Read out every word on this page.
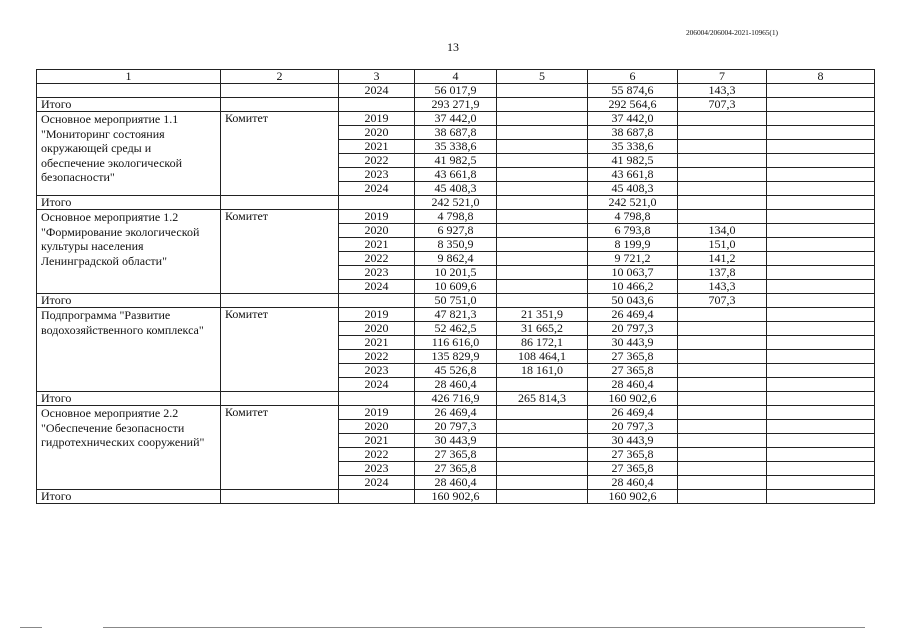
206004/206004-2021-10965(1)
13
1	2	3	4	5	6	7	8
		2024	56 017,9		55 874,6	143,3	
Итого			293 271,9		292 564,6	707,3	
Основное мероприятие 1.1 "Мониторинг состояния окружающей среды и обеспечение экологической безопасности"	Комитет	2019	37 442,0		37 442,0		
		2020	38 687,8		38 687,8		
		2021	35 338,6		35 338,6		
		2022	41 982,5		41 982,5		
		2023	43 661,8		43 661,8		
		2024	45 408,3		45 408,3		
Итого			242 521,0		242 521,0		
Основное мероприятие 1.2 "Формирование экологической культуры населения Ленинградской области"	Комитет	2019	4 798,8		4 798,8		
		2020	6 927,8		6 793,8	134,0	
		2021	8 350,9		8 199,9	151,0	
		2022	9 862,4		9 721,2	141,2	
		2023	10 201,5		10 063,7	137,8	
		2024	10 609,6		10 466,2	143,3	
Итого			50 751,0		50 043,6	707,3	
Подпрограмма "Развитие водохозяйственного комплекса"	Комитет	2019	47 821,3	21 351,9	26 469,4		
		2020	52 462,5	31 665,2	20 797,3		
		2021	116 616,0	86 172,1	30 443,9		
		2022	135 829,9	108 464,1	27 365,8		
		2023	45 526,8	18 161,0	27 365,8		
		2024	28 460,4		28 460,4		
Итого			426 716,9	265 814,3	160 902,6		
Основное мероприятие 2.2 "Обеспечение безопасности гидротехнических сооружений"	Комитет	2019	26 469,4		26 469,4		
		2020	20 797,3		20 797,3		
		2021	30 443,9		30 443,9		
		2022	27 365,8		27 365,8		
		2023	27 365,8		27 365,8		
		2024	28 460,4		28 460,4		
Итого			160 902,6		160 902,6		
